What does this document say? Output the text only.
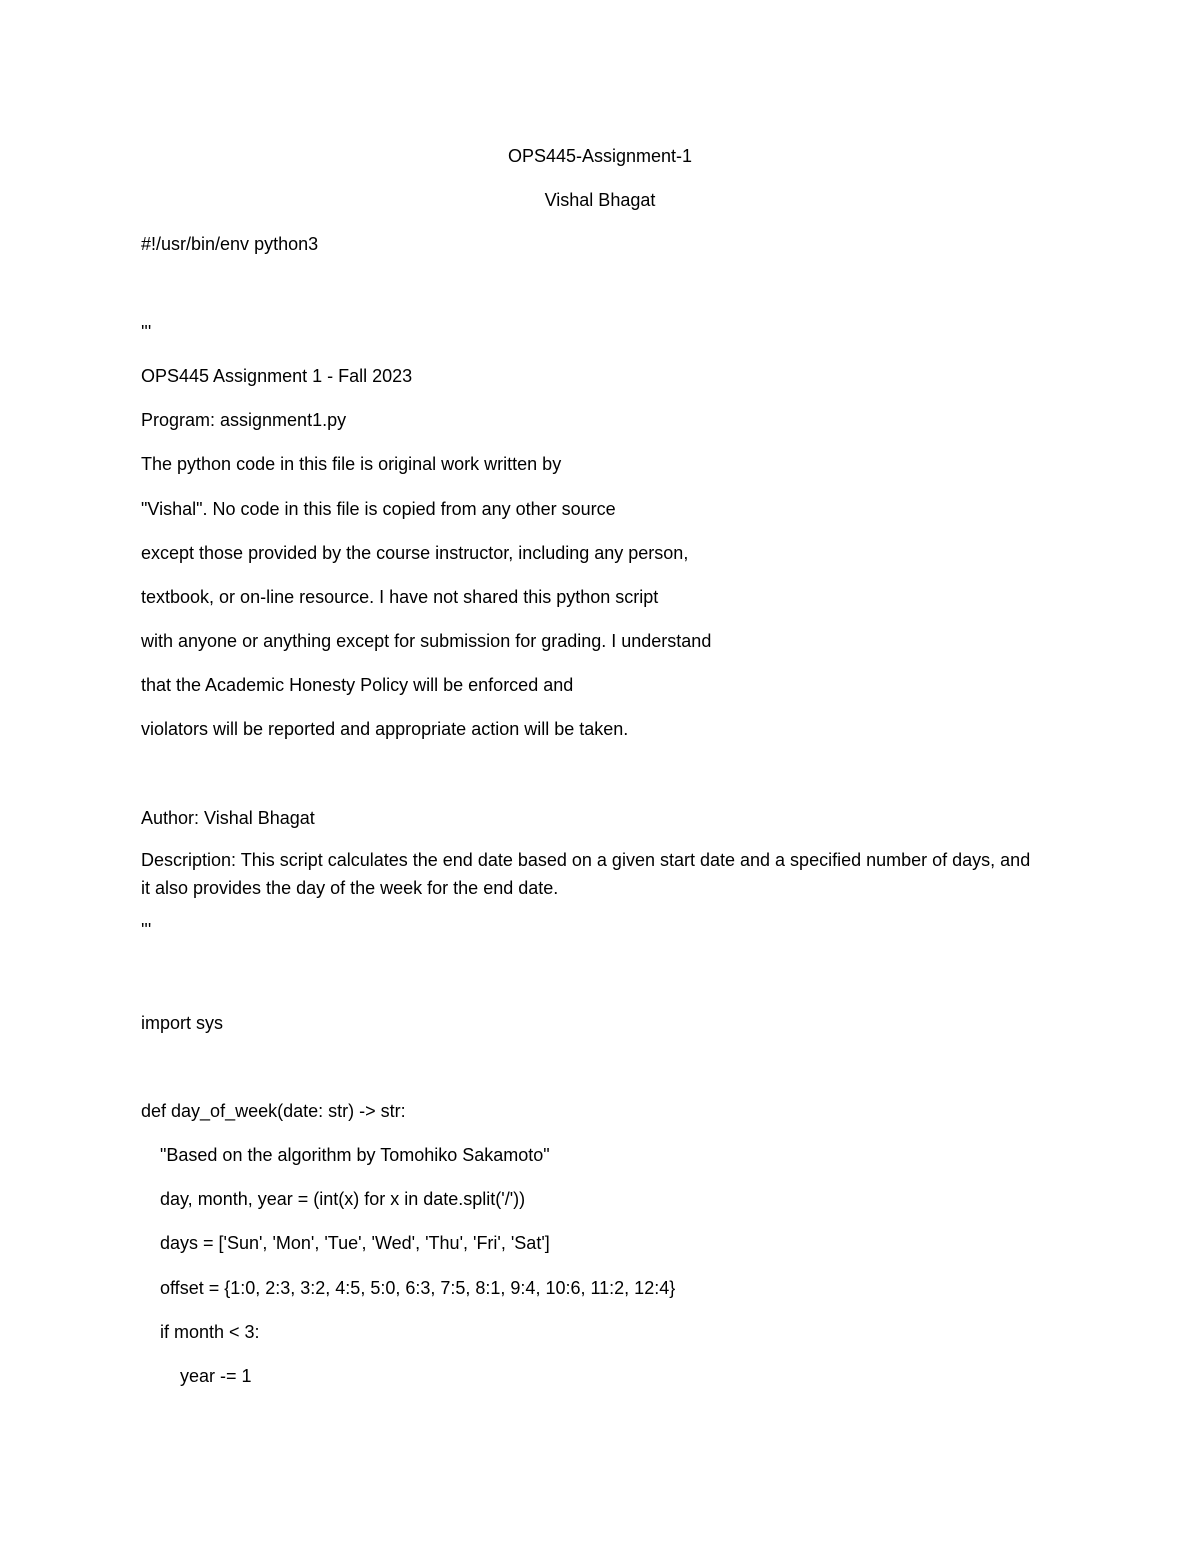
OPS445-Assignment-1
Vishal Bhagat
#!/usr/bin/env python3
'''
OPS445 Assignment 1 - Fall 2023
Program: assignment1.py
The python code in this file is original work written by
"Vishal". No code in this file is copied from any other source
except those provided by the course instructor, including any person,
textbook, or on-line resource. I have not shared this python script
with anyone or anything except for submission for grading. I understand
that the Academic Honesty Policy will be enforced and
violators will be reported and appropriate action will be taken.
Author: Vishal Bhagat
Description: This script calculates the end date based on a given start date and a specified number of days, and it also provides the day of the week for the end date.
'''
import sys
def day_of_week(date: str) -> str:
"Based on the algorithm by Tomohiko Sakamoto"
day, month, year = (int(x) for x in date.split('/'))
days = ['Sun', 'Mon', 'Tue', 'Wed', 'Thu', 'Fri', 'Sat']
offset = {1:0, 2:3, 3:2, 4:5, 5:0, 6:3, 7:5, 8:1, 9:4, 10:6, 11:2, 12:4}
if month < 3:
year -= 1
